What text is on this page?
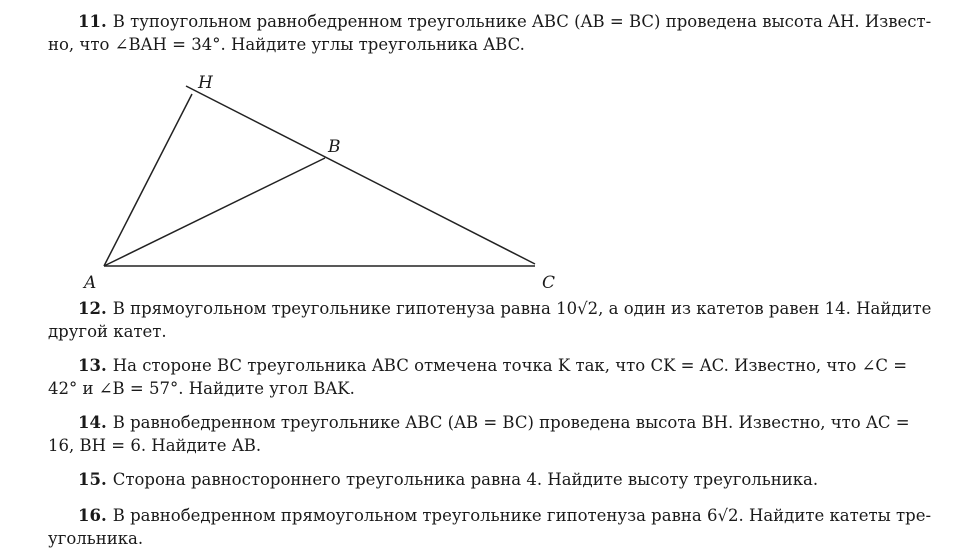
11. В тупоугольном равнобедренном треугольнике ABC (AB = BC) проведена высота AH. Извест-
но, что ∠BAH = 34°. Найдите углы треугольника ABC.

H
B
A	C

12. В прямоугольном треугольнике гипотенуза равна 10√2, а один из катетов равен 14. Найдите
другой катет.

13. На стороне BC треугольника ABC отмечена точка K так, что CK = AC. Известно, что ∠C =
42° и ∠B = 57°. Найдите угол BAK.

14. В равнобедренном треугольнике ABC (AB = BC) проведена высота BH. Известно, что AC =
16, BH = 6. Найдите AB.

15. Сторона равностороннего треугольника равна 4. Найдите высоту треугольника.

16. В равнобедренном прямоугольном треугольнике гипотенуза равна 6√2. Найдите катеты тре-
угольника.
